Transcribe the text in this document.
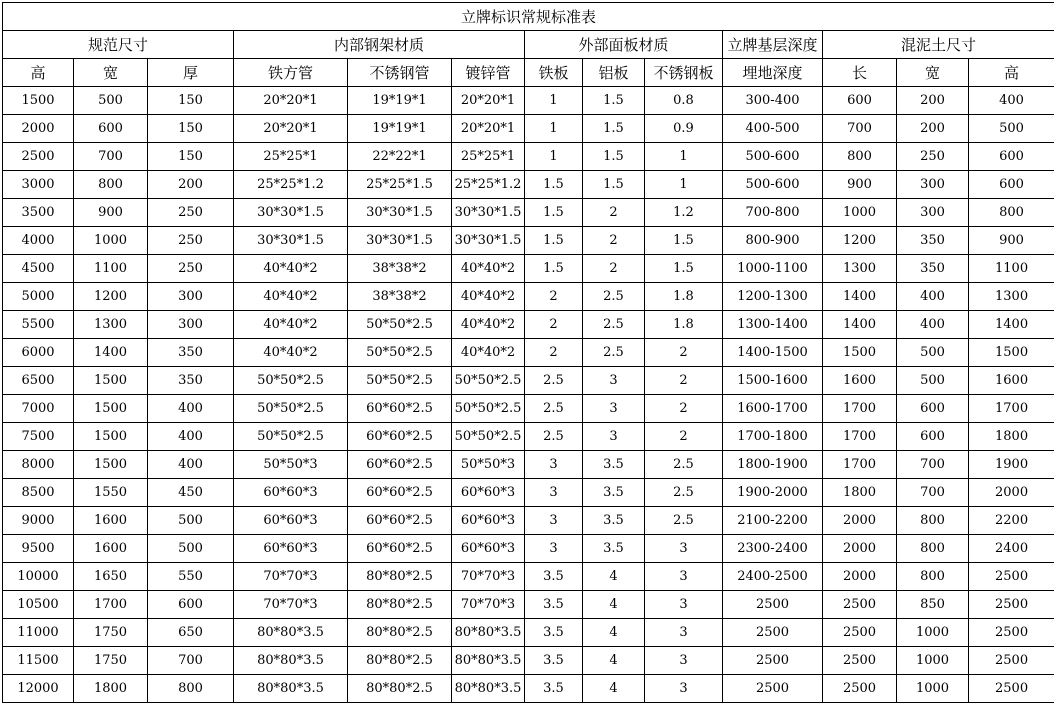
立牌标识常规标准表												
规范尺寸			内部钢架材质			外部面板材质			立牌基层深度	混泥土尺寸		
高	宽	厚	铁方管	不锈钢管	镀锌管	铁板	铝板	不锈钢板	埋地深度	长	宽	高
1500	500	150	20*20*1	19*19*1	20*20*1	1	1.5	0.8	300-400	600	200	400
2000	600	150	20*20*1	19*19*1	20*20*1	1	1.5	0.9	400-500	700	200	500
2500	700	150	25*25*1	22*22*1	25*25*1	1	1.5	1	500-600	800	250	600
3000	800	200	25*25*1.2	25*25*1.5	25*25*1.2	1.5	1.5	1	500-600	900	300	600
3500	900	250	30*30*1.5	30*30*1.5	30*30*1.5	1.5	2	1.2	700-800	1000	300	800
4000	1000	250	30*30*1.5	30*30*1.5	30*30*1.5	1.5	2	1.5	800-900	1200	350	900
4500	1100	250	40*40*2	38*38*2	40*40*2	1.5	2	1.5	1000-1100	1300	350	1100
5000	1200	300	40*40*2	38*38*2	40*40*2	2	2.5	1.8	1200-1300	1400	400	1300
5500	1300	300	40*40*2	50*50*2.5	40*40*2	2	2.5	1.8	1300-1400	1400	400	1400
6000	1400	350	40*40*2	50*50*2.5	40*40*2	2	2.5	2	1400-1500	1500	500	1500
6500	1500	350	50*50*2.5	50*50*2.5	50*50*2.5	2.5	3	2	1500-1600	1600	500	1600
7000	1500	400	50*50*2.5	60*60*2.5	50*50*2.5	2.5	3	2	1600-1700	1700	600	1700
7500	1500	400	50*50*2.5	60*60*2.5	50*50*2.5	2.5	3	2	1700-1800	1700	600	1800
8000	1500	400	50*50*3	60*60*2.5	50*50*3	3	3.5	2.5	1800-1900	1700	700	1900
8500	1550	450	60*60*3	60*60*2.5	60*60*3	3	3.5	2.5	1900-2000	1800	700	2000
9000	1600	500	60*60*3	60*60*2.5	60*60*3	3	3.5	2.5	2100-2200	2000	800	2200
9500	1600	500	60*60*3	60*60*2.5	60*60*3	3	3.5	3	2300-2400	2000	800	2400
10000	1650	550	70*70*3	80*80*2.5	70*70*3	3.5	4	3	2400-2500	2000	800	2500
10500	1700	600	70*70*3	80*80*2.5	70*70*3	3.5	4	3	2500	2500	850	2500
11000	1750	650	80*80*3.5	80*80*2.5	80*80*3.5	3.5	4	3	2500	2500	1000	2500
11500	1750	700	80*80*3.5	80*80*2.5	80*80*3.5	3.5	4	3	2500	2500	1000	2500
12000	1800	800	80*80*3.5	80*80*2.5	80*80*3.5	3.5	4	3	2500	2500	1000	2500
